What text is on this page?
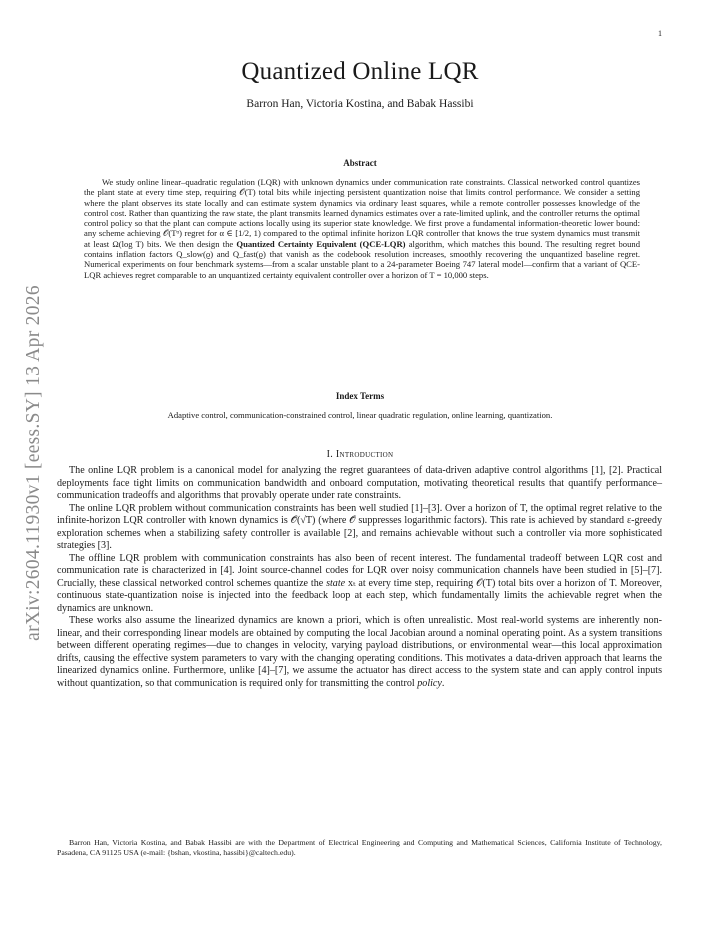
1
arXiv:2604.11930v1 [eess.SY] 13 Apr 2026
Quantized Online LQR
Barron Han, Victoria Kostina, and Babak Hassibi
Abstract

We study online linear–quadratic regulation (LQR) with unknown dynamics under communication rate constraints. Classical networked control quantizes the plant state at every time step, requiring 𝒪(T) total bits while injecting persistent quantization noise that limits control performance. We consider a setting where the plant observes its state locally and can estimate system dynamics via ordinary least squares, while a remote controller possesses knowledge of the control cost. Rather than quantizing the raw state, the plant transmits learned dynamics estimates over a rate-limited uplink, and the controller returns the optimal control policy so that the plant can compute actions locally using its superior state knowledge. We first prove a fundamental information-theoretic lower bound: any scheme achieving 𝒪(Tᵅ) regret for α ∈ [1/2, 1) compared to the optimal infinite horizon LQR controller that knows the true system dynamics must transmit at least Ω(log T) bits. We then design the Quantized Certainty Equivalent (QCE-LQR) algorithm, which matches this bound. The resulting regret bound contains inflation factors Q_slow(ϱ) and Q_fast(ϱ) that vanish as the codebook resolution increases, smoothly recovering the unquantized baseline regret. Numerical experiments on four benchmark systems—from a scalar unstable plant to a 24-parameter Boeing 747 lateral model—confirm that a variant of QCE-LQR achieves regret comparable to an unquantized certainty equivalent controller over a horizon of T = 10,000 steps.

Index Terms
Adaptive control, communication-constrained control, linear quadratic regulation, online learning, quantization.
I. Introduction

The online LQR problem is a canonical model for analyzing the regret guarantees of data-driven adaptive control algorithms [1], [2]. Practical deployments face tight limits on communication bandwidth and onboard computation, motivating theoretical results that quantify performance–communication tradeoffs and algorithms that provably operate under rate constraints.

The online LQR problem without communication constraints has been well studied [1]–[3]. Over a horizon of T, the optimal regret relative to the infinite-horizon LQR controller with known dynamics is 𝒪̃(√T) (where 𝒪̃ suppresses logarithmic factors). This rate is achieved by standard ε-greedy exploration schemes when a stabilizing safety controller is available [2], and remains achievable without such a controller via more sophisticated strategies [3].

The offline LQR problem with communication constraints has also been of recent interest. The fundamental tradeoff between LQR cost and communication rate is characterized in [4]. Joint source-channel codes for LQR over noisy communication channels have been studied in [5]–[7]. Crucially, these classical networked control schemes quantize the state xₜ at every time step, requiring 𝒪(T) total bits over a horizon of T. Moreover, continuous state-quantization noise is injected into the feedback loop at each step, which fundamentally limits the achievable regret when the dynamics are unknown.

These works also assume the linearized dynamics are known a priori, which is often unrealistic. Most real-world systems are inherently non-linear, and their corresponding linear models are obtained by computing the local Jacobian around a nominal operating point. As a system transitions between different operating regimes—due to changes in velocity, varying payload distributions, or environmental wear—this local approximation drifts, causing the effective system parameters to vary with the changing operating conditions. This motivates a data-driven approach that learns the linearized dynamics online. Furthermore, unlike [4]–[7], we assume the actuator has direct access to the system state and can apply control inputs without quantization, so that communication is required only for transmitting the control policy.

Barron Han, Victoria Kostina, and Babak Hassibi are with the Department of Electrical Engineering and Computing and Mathematical Sciences, California Institute of Technology, Pasadena, CA 91125 USA (e-mail: {bshan, vkostina, hassibi}@caltech.edu).
